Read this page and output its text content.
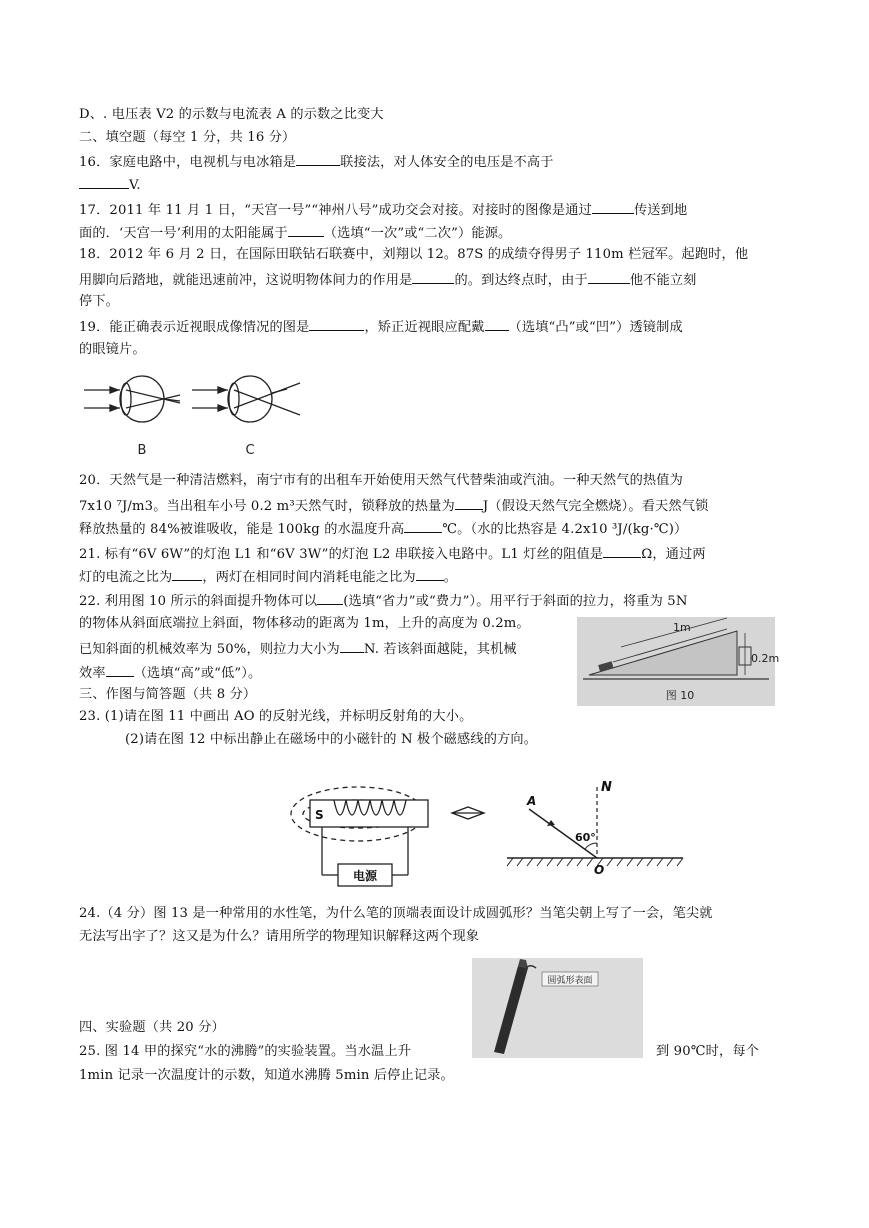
D、. 电压表 V2 的示数与电流表 A 的示数之比变大
二、填空题（每空 1 分，共 16 分）
16．家庭电路中，电视机与电冰箱是	联接法，对人体安全的电压是不高于
V.
17．2011 年 11 月 1 日，“天宫一号”“神州八号”成功交会对接。对接时的图像是通过	传送到地
面的．‘天宫一号’利用的太阳能属于	（选填“一次”或“二次”）能源。
18．2012 年 6 月 2 日，在国际田联钻石联赛中，刘翔以 12。87S 的成绩夺得男子 110m 栏冠军。起跑时，他
用脚向后踏地，就能迅速前冲，这说明物体间力的作用是	的。到达终点时，由于	他不能立刻
停下。
19．能正确表示近视眼成像情况的图是	，矫正近视眼应配戴 （选填“凸”或“凹”）透镜制成
的眼镜片。
B	C
20．天然气是一种清洁燃料，南宁市有的出租车开始使用天然气代替柴油或汽油。一种天然气的热值为
7x10 ⁷J/m3。当出租车小号 0.2 m³天然气时，锁释放的热量为 J（假设天然气完全燃烧）。看天然气锁
释放热量的 84%被谁吸收，能是 100kg 的水温度升高	℃。（水的比热容是 4.2x10 ³J/(kg·℃)）
21. 标有“6V 6W”的灯泡 L1 和“6V 3W”的灯泡 L2 串联接入电路中。L1 灯丝的阻值是	Ω，通过两
灯的电流之比为 ，两灯在相同时间内消耗电能之比为 。
22. 利用图 10 所示的斜面提升物体可以 (选填“省力”或“费力”）。用平行于斜面的拉力，将重为 5N
的物体从斜面底端拉上斜面，物体移动的距离为 1m，上升的高度为 0.2m。
已知斜面的机械效率为 50%，则拉力大小为 N. 若该斜面越陡，其机械
效率 （选填“高”或“低”）。
1m
0.2m
图 10
三、作图与简答题（共 8 分）
23. (1)请在图 11 中画出 AO 的反射光线，并标明反射角的大小。
(2)请在图 12 中标出静止在磁场中的小磁针的 N 极个磁感线的方向。
S
电源
N
A
60°
O
24.（4 分）图 13 是一种常用的水性笔，为什么笔的顶端表面设计成圆弧形？当笔尖朝上写了一会，笔尖就
无法写出字了？这又是为什么？请用所学的物理知识解释这两个现象
圆弧形表面
四、实验题（共 20 分）
25. 图 14 甲的探究“水的沸腾”的实验装置。当水温上升	到 90℃时，每个
1min 记录一次温度计的示数，知道水沸腾 5min 后停止记录。
